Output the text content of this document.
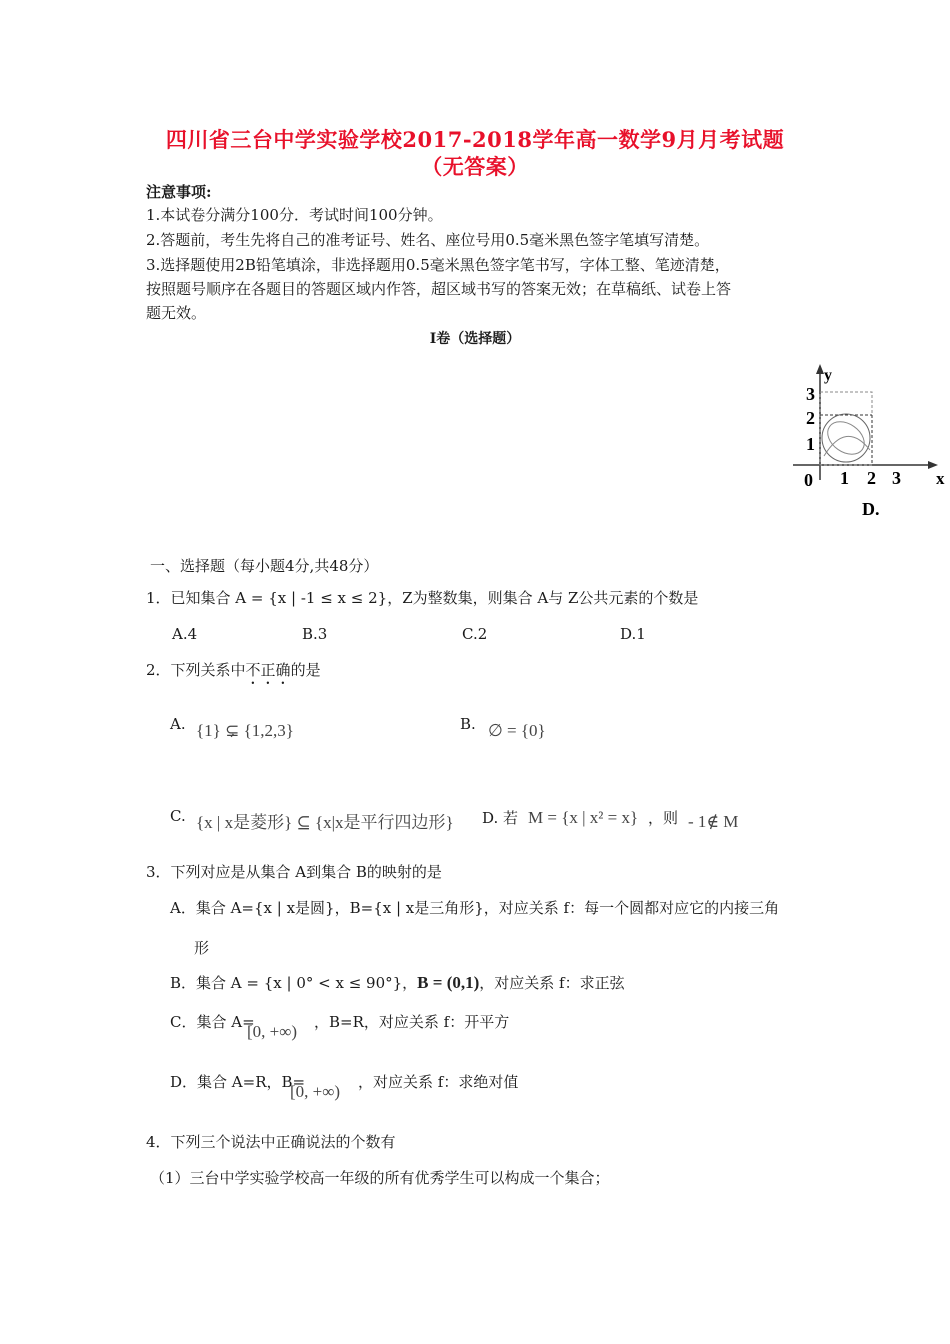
四川省三台中学实验学校2017-2018学年高一数学9月月考试题
（无答案）
注意事项:
1.本试卷分满分100分．考试时间100分钟。
2.答题前，考生先将自己的准考证号、姓名、座位号用0.5毫米黑色签字笔填写清楚。
3.选择题使用2B铅笔填涂，非选择题用0.5毫米黑色签字笔书写，字体工整、笔迹清楚，
按照题号顺序在各题目的答题区域内作答，超区域书写的答案无效；在草稿纸、试卷上答
题无效。
Ⅰ卷（选择题）
y
x
3
2
1
0 1 2 3
D.
一、选择题（每小题4分,共48分）
1．已知集合 A = {x | -1 ≤ x ≤ 2}，Z为整数集，则集合 A与 Z公共元素的个数是
A.4	B.3	C.2	D.1
2．下列关系中不正确的是
A. {1} ⊊ {1,2,3}	B. ∅ = {0}
C. {x | x是菱形} ⊆ {x|x是平行四边形} D. 若 M = {x | x² = x} ，则 - 1∉ M
3．下列对应是从集合 A到集合 B的映射的是
A．集合 A={x | x是圆}，B={x | x是三角形}，对应关系 f：每一个圆都对应它的内接三角
形
B．集合 A = {x | 0° < x ≤ 90°}，B = (0,1)，对应关系 f：求正弦
C．集合 A=
[0, +∞) ，B=R，对应关系 f：开平方
D．集合 A=R，B=
[0, +∞) ，对应关系 f：求绝对值
4．下列三个说法中正确说法的个数有
（1）三台中学实验学校高一年级的所有优秀学生可以构成一个集合；
